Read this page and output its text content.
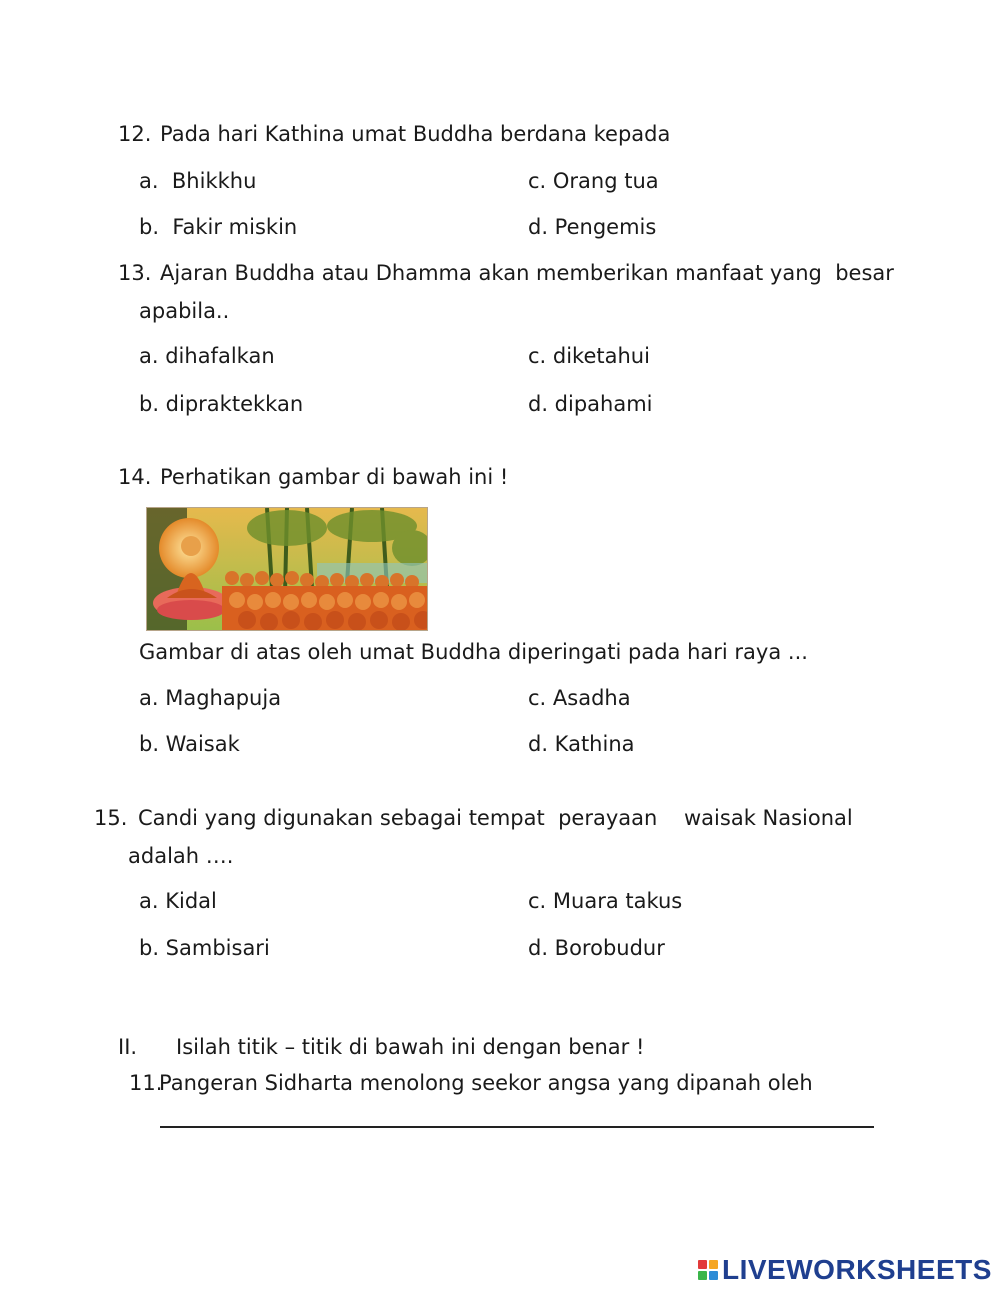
12. Pada hari Kathina umat Buddha berdana kepada
a.  Bhikkhu	c. Orang tua
b.  Fakir miskin	d. Pengemis
13. Ajaran Buddha atau Dhamma akan memberikan manfaat yang  besar
apabila..
a. dihafalkan	c. diketahui
b. dipraktekkan	d. dipahami
14. Perhatikan gambar di bawah ini !
Gambar di atas oleh umat Buddha diperingati pada hari raya ...
a. Maghapuja	c. Asadha
b. Waisak	d. Kathina
15. Candi yang digunakan sebagai tempat  perayaan    waisak Nasional
adalah ….
a. Kidal	c. Muara takus
b. Sambisari	d. Borobudur
II. Isilah titik – titik di bawah ini dengan benar !
11.
Pangeran Sidharta menolong seekor angsa yang dipanah oleh
LIVEWORKSHEETS
